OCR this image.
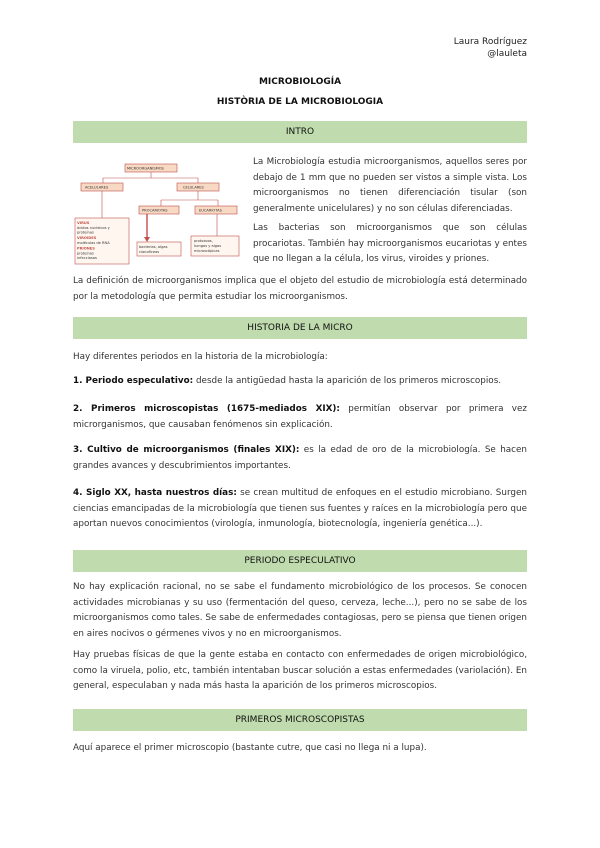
Laura Rodríguez
@lauleta
MICROBIOLOGÍA
HISTÒRIA DE LA MICROBIOLOGIA
INTRO
MICROORGANISMOS
ACELULARES	CELULARES
PROCARIOTAS	EUCARIOTAS
VIRUS
ácidos nucleicos y
proteínas
VIROIDES
moléculas de RNA
PRIONES
proteínas
infecciosas
bacterias, algas
cianofíceas
protozoos,
hongos y algas
microscópicas
La Microbiología estudia microorganismos, aquellos seres por debajo de 1 mm que no pueden ser vistos a simple vista. Los microorganismos no tienen diferenciación tisular (son generalmente unicelulares) y no son células diferenciadas.
Las bacterias son microorganismos que son células procariotas. También hay microorganismos eucariotas y entes que no llegan a la célula, los virus, viroides y priones.
La definición de microorganismos implica que el objeto del estudio de microbiología está determinado por la metodología que permita estudiar los microorganismos.
HISTORIA DE LA MICRO
Hay diferentes periodos en la historia de la microbiología:
1. Periodo especulativo: desde la antigüedad hasta la aparición de los primeros microscopios.
2. Primeros microscopistas (1675-mediados XIX): permitían observar por primera vez microrganismos, que causaban fenómenos sin explicación.
3. Cultivo de microorganismos (finales XIX): es la edad de oro de la microbiología. Se hacen grandes avances y descubrimientos importantes.
4. Siglo XX, hasta nuestros días: se crean multitud de enfoques en el estudio microbiano. Surgen ciencias emancipadas de la microbiología que tienen sus fuentes y raíces en la microbiología pero que aportan nuevos conocimientos (virología, inmunología, biotecnología, ingeniería genética...).
PERIODO ESPECULATIVO
No hay explicación racional, no se sabe el fundamento microbiológico de los procesos. Se conocen actividades microbianas y su uso (fermentación del queso, cerveza, leche...), pero no se sabe de los microorganismos como tales. Se sabe de enfermedades contagiosas, pero se piensa que tienen origen en aires nocivos o gérmenes vivos y no en microorganismos.
Hay pruebas físicas de que la gente estaba en contacto con enfermedades de origen microbiológico, como la viruela, polio, etc, también intentaban buscar solución a estas enfermedades (variolación). En general, especulaban y nada más hasta la aparición de los primeros microscopios.
PRIMEROS MICROSCOPISTAS
Aquí aparece el primer microscopio (bastante cutre, que casi no llega ni a lupa).
